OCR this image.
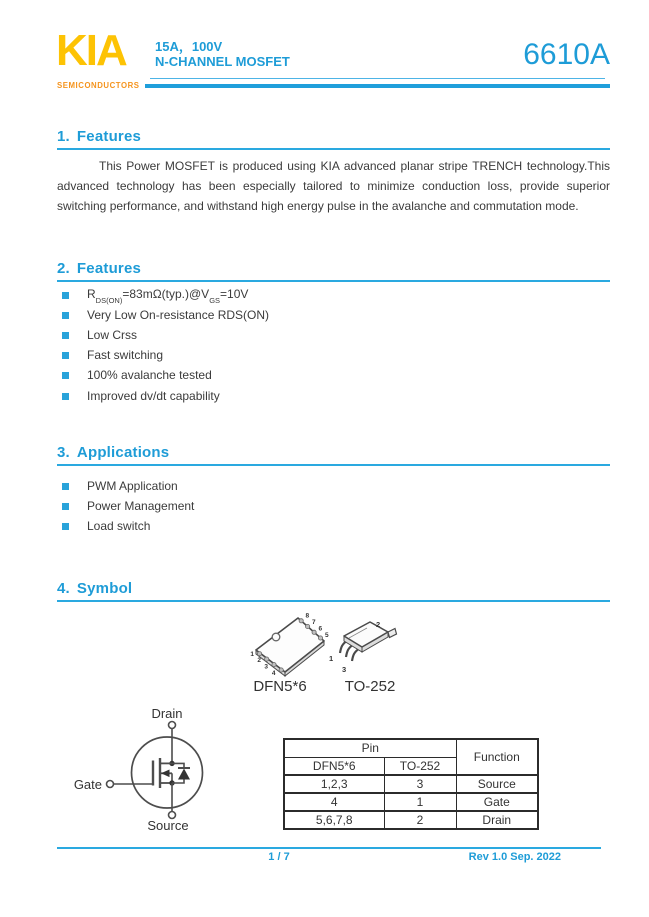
KIA
SEMICONDUCTORS
15A，100V
N-CHANNEL MOSFET	6610A
1. Features
This Power MOSFET is produced using KIA advanced planar stripe TRENCH technology.This advanced technology has been especially tailored to minimize conduction loss, provide superior switching performance, and withstand high energy pulse in the avalanche and commutation mode.
2. Features
$R_{DS(ON)}=83m\Omega(typ.)@V_{GS}=10V$
Very Low On-resistance RDS(ON)
Low Crss
Fast switching
100% avalanche tested
Improved dv/dt capability
3. Applications
PWM Application
Power Management
Load switch
4. Symbol
1
2
3
4
5
6
7
8
1
2
3
DFN5*6	TO-252
Drain
Gate
Source
Pin		Function
DFN5*6	TO-252	
1,2,3	3	Source
4	1	Gate
5,6,7,8	2	Drain
1 / 7	Rev 1.0 Sep. 2022
